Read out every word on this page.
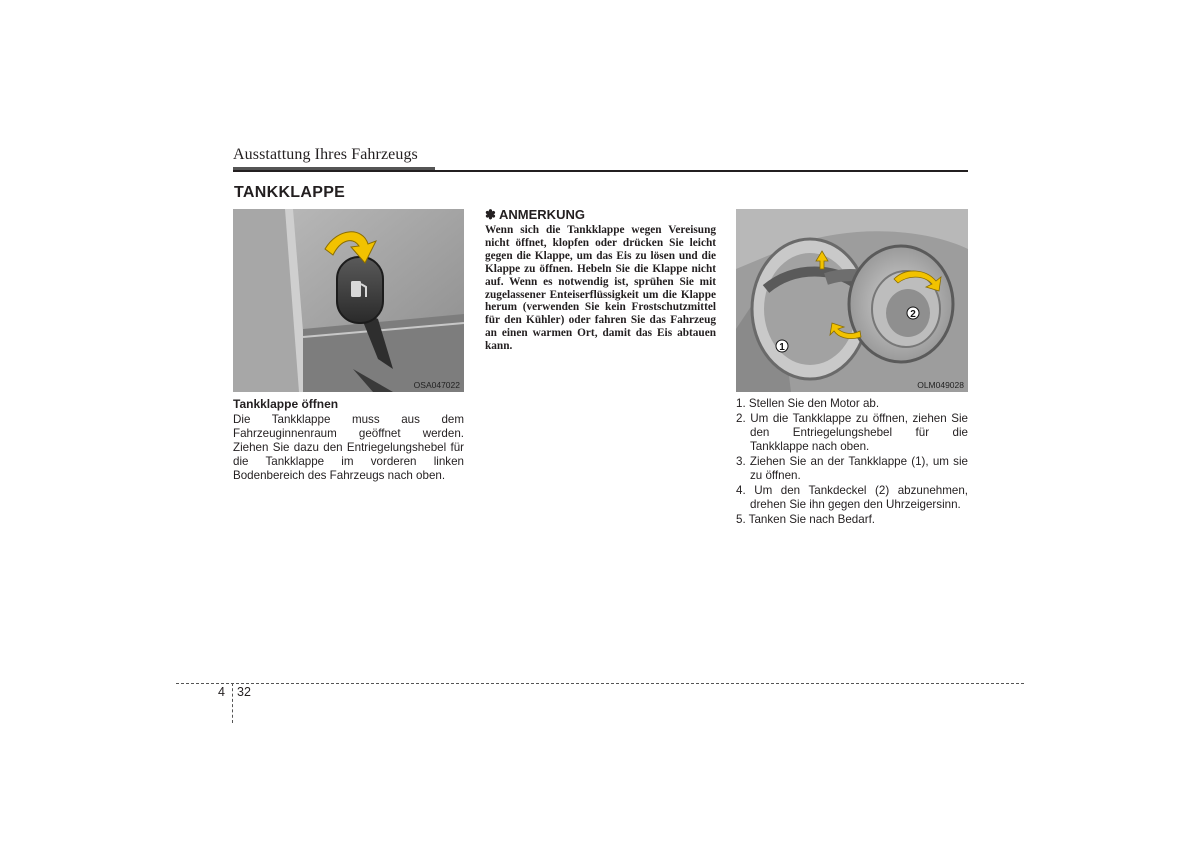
Ausstattung Ihres Fahrzeugs
TANKKLAPPE
OSA047022

Tankklappe öffnen

Die Tankklappe muss aus dem Fahrzeuginnenraum geöffnet werden. Ziehen Sie dazu den Entriegelungshebel für die Tankklappe im vorderen linken Bodenbereich des Fahrzeugs nach oben.

✽ ANMERKUNG

Wenn sich die Tankklappe wegen Vereisung nicht öffnet, klopfen oder drücken Sie leicht gegen die Klappe, um das Eis zu lösen und die Klappe zu öffnen. Hebeln Sie die Klappe nicht auf. Wenn es notwendig ist, sprühen Sie mit zugelassener Enteiserflüssigkeit um die Klappe herum (verwenden Sie kein Frostschutzmittel für den Kühler) oder fahren Sie das Fahrzeug an einen warmen Ort, damit das Eis abtauen kann.	1
2
OLM049028
1. Stellen Sie den Motor ab.
2. Um die Tankklappe zu öffnen, ziehen Sie den Entriegelungshebel für die Tankklappe nach oben.
3. Ziehen Sie an der Tankklappe (1), um sie zu öffnen.
4. Um den Tankdeckel (2) abzunehmen, drehen Sie ihn gegen den Uhrzeigersinn.
5. Tanken Sie nach Bedarf.
4 32
